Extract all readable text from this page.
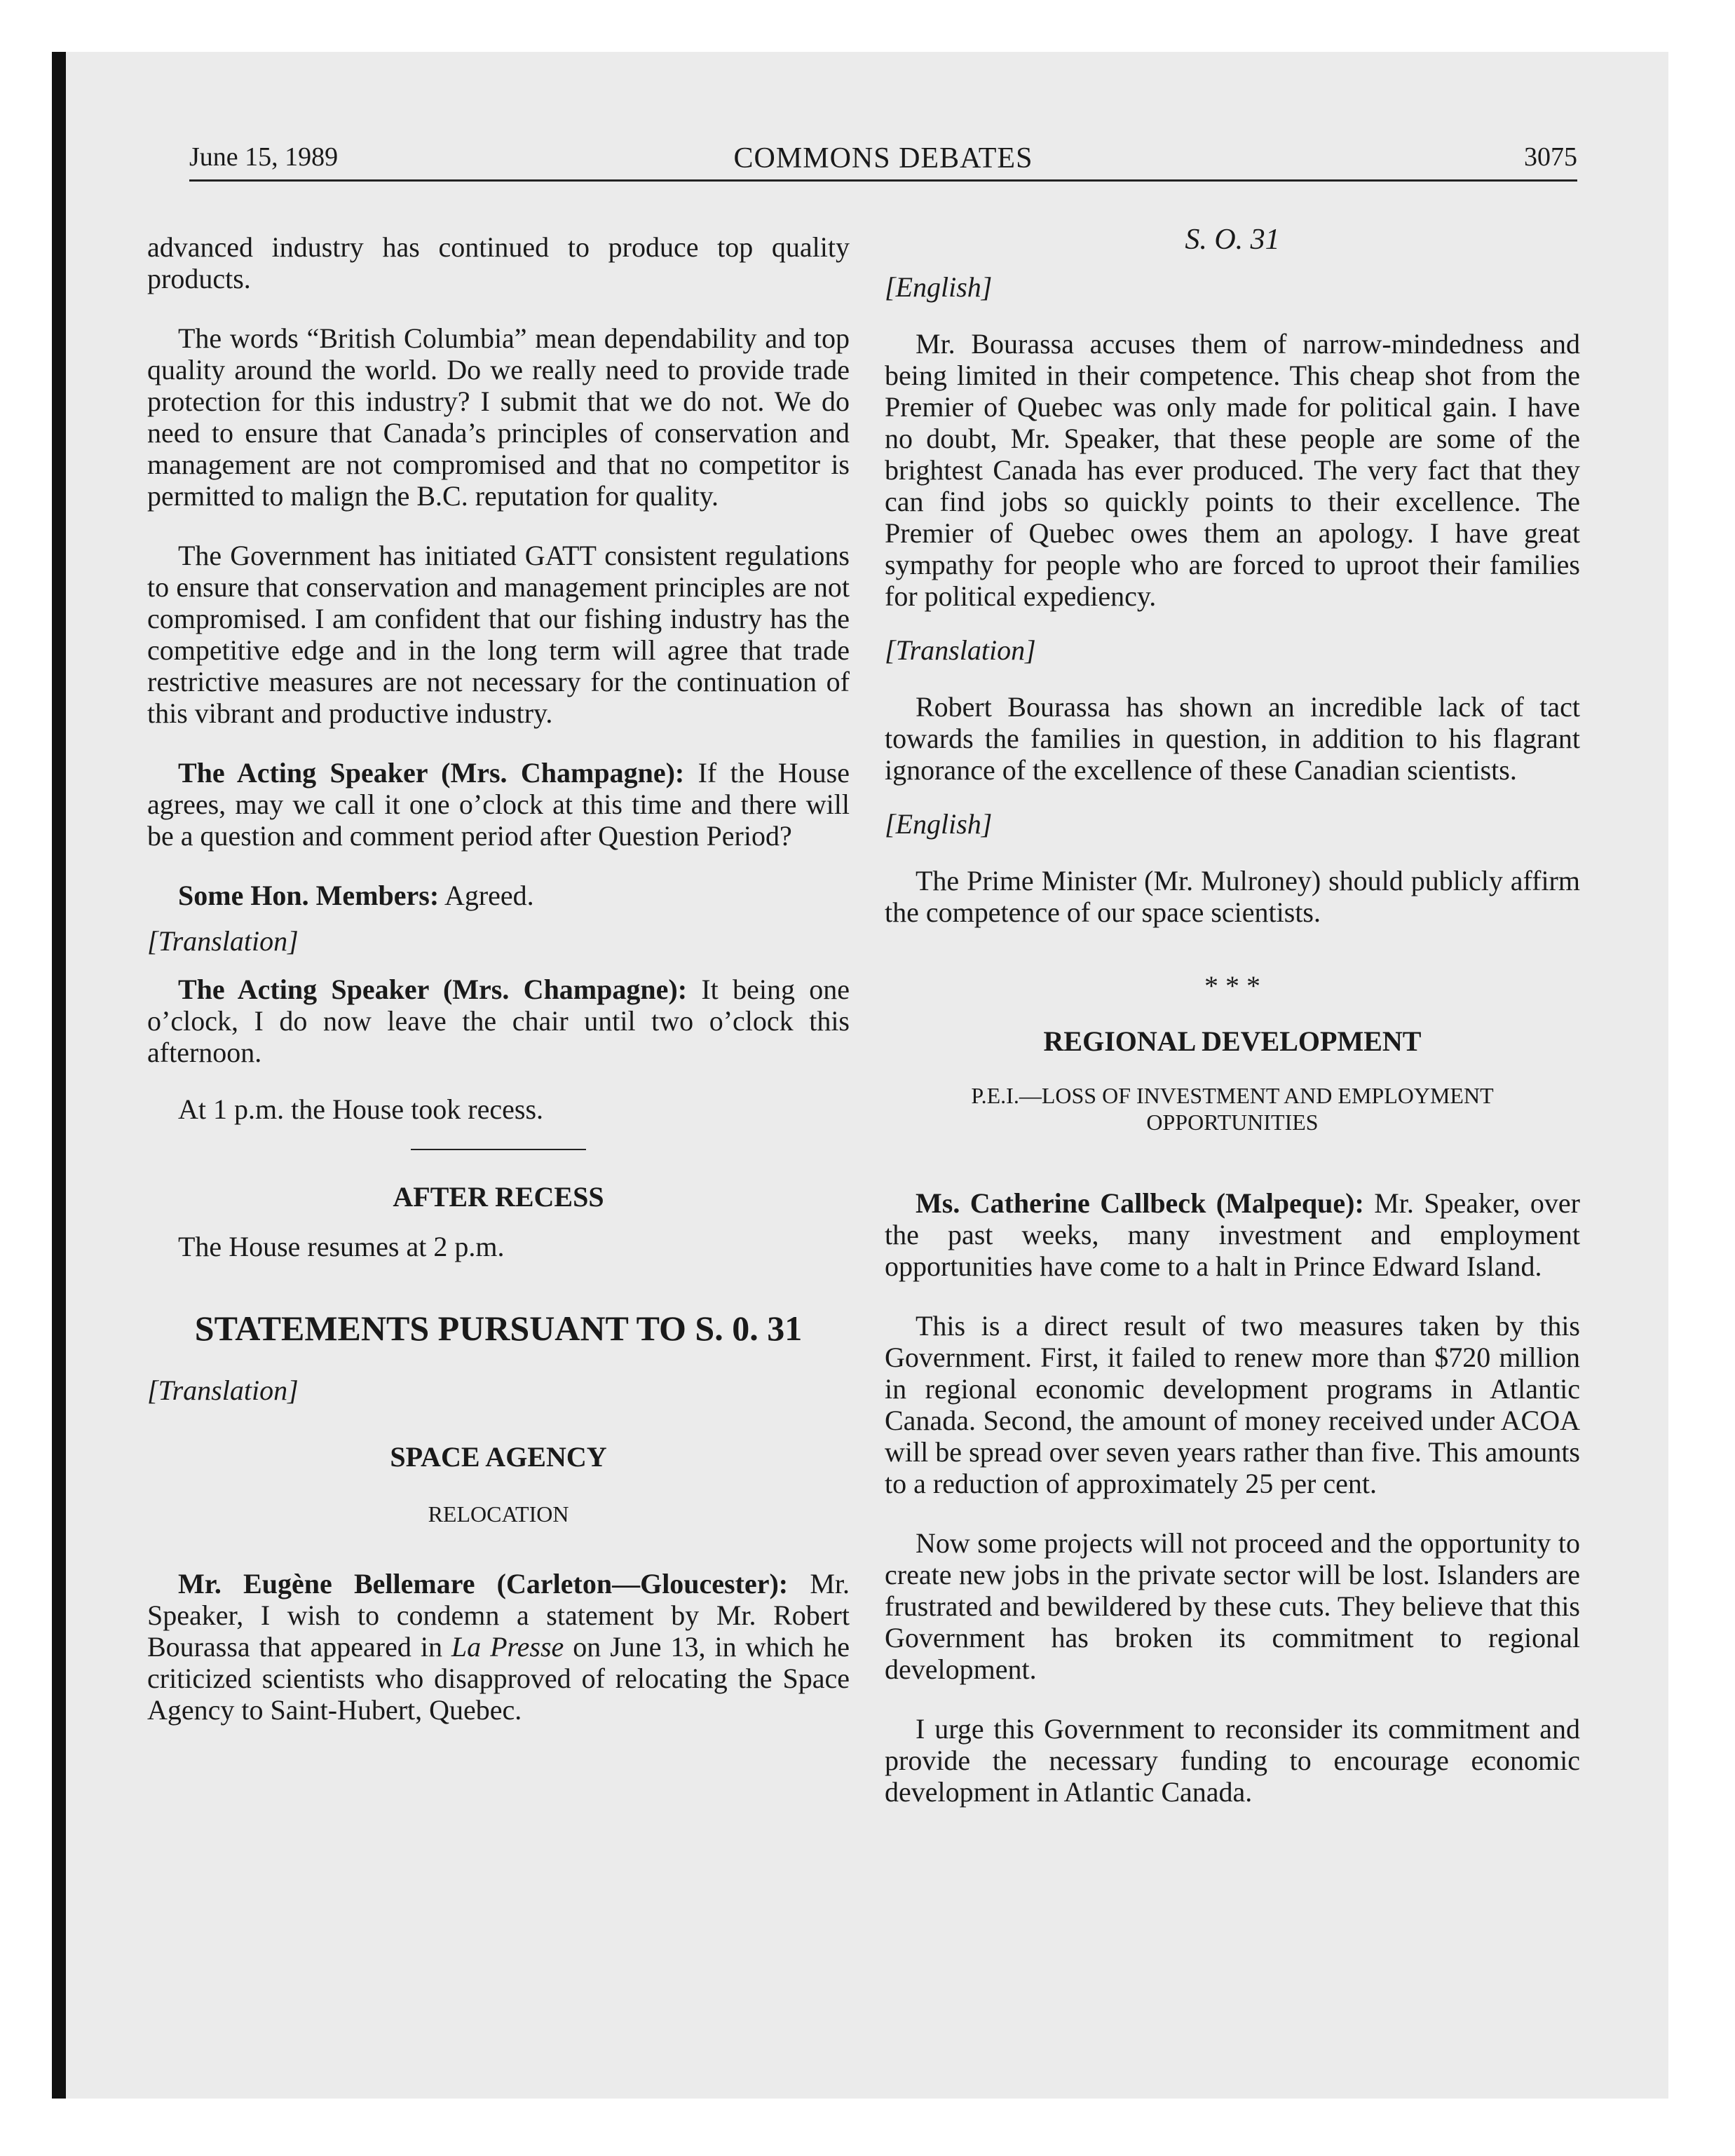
June 15, 1989	COMMONS DEBATES	3075

advanced industry has continued to produce top quality products.

The words “British Columbia” mean dependability and top quality around the world. Do we really need to provide trade protection for this industry? I submit that we do not. We do need to ensure that Canada’s principles of conservation and management are not compromised and that no competitor is permitted to malign the B.C. reputation for quality.

The Government has initiated GATT consistent regulations to ensure that conservation and management principles are not compromised. I am confident that our fishing industry has the competitive edge and in the long term will agree that trade restrictive measures are not necessary for the continuation of this vibrant and productive industry.

The Acting Speaker (Mrs. Champagne): If the House agrees, may we call it one o’clock at this time and there will be a question and comment period after Question Period?

Some Hon. Members: Agreed.

[Translation]

The Acting Speaker (Mrs. Champagne): It being one o’clock, I do now leave the chair until two o’clock this afternoon.

At 1 p.m. the House took recess.

AFTER RECESS

The House resumes at 2 p.m.

STATEMENTS PURSUANT TO S. 0. 31

[Translation]

SPACE AGENCY
RELOCATION

Mr. Eugène Bellemare (Carleton—Gloucester): Mr. Speaker, I wish to condemn a statement by Mr. Robert Bourassa that appeared in La Presse on June 13, in which he criticized scientists who disapproved of relocating the Space Agency to Saint-Hubert, Quebec.

S. O. 31

[English]

Mr. Bourassa accuses them of narrow-mindedness and being limited in their competence. This cheap shot from the Premier of Quebec was only made for political gain. I have no doubt, Mr. Speaker, that these people are some of the brightest Canada has ever produced. The very fact that they can find jobs so quickly points to their excellence. The Premier of Quebec owes them an apology. I have great sympathy for people who are forced to uproot their families for political expediency.

[Translation]

Robert Bourassa has shown an incredible lack of tact towards the families in question, in addition to his flagrant ignorance of the excellence of these Canadian scientists.

[English]

The Prime Minister (Mr. Mulroney) should publicly affirm the competence of our space scientists.

* * *
REGIONAL DEVELOPMENT
P.E.I.—LOSS OF INVESTMENT AND EMPLOYMENT OPPORTUNITIES

Ms. Catherine Callbeck (Malpeque): Mr. Speaker, over the past weeks, many investment and employment opportunities have come to a halt in Prince Edward Island.

This is a direct result of two measures taken by this Government. First, it failed to renew more than $720 million in regional economic development programs in Atlantic Canada. Second, the amount of money received under ACOA will be spread over seven years rather than five. This amounts to a reduction of approximately 25 per cent.

Now some projects will not proceed and the opportunity to create new jobs in the private sector will be lost. Islanders are frustrated and bewildered by these cuts. They believe that this Government has broken its commitment to regional development.

I urge this Government to reconsider its commitment and provide the necessary funding to encourage economic development in Atlantic Canada.
